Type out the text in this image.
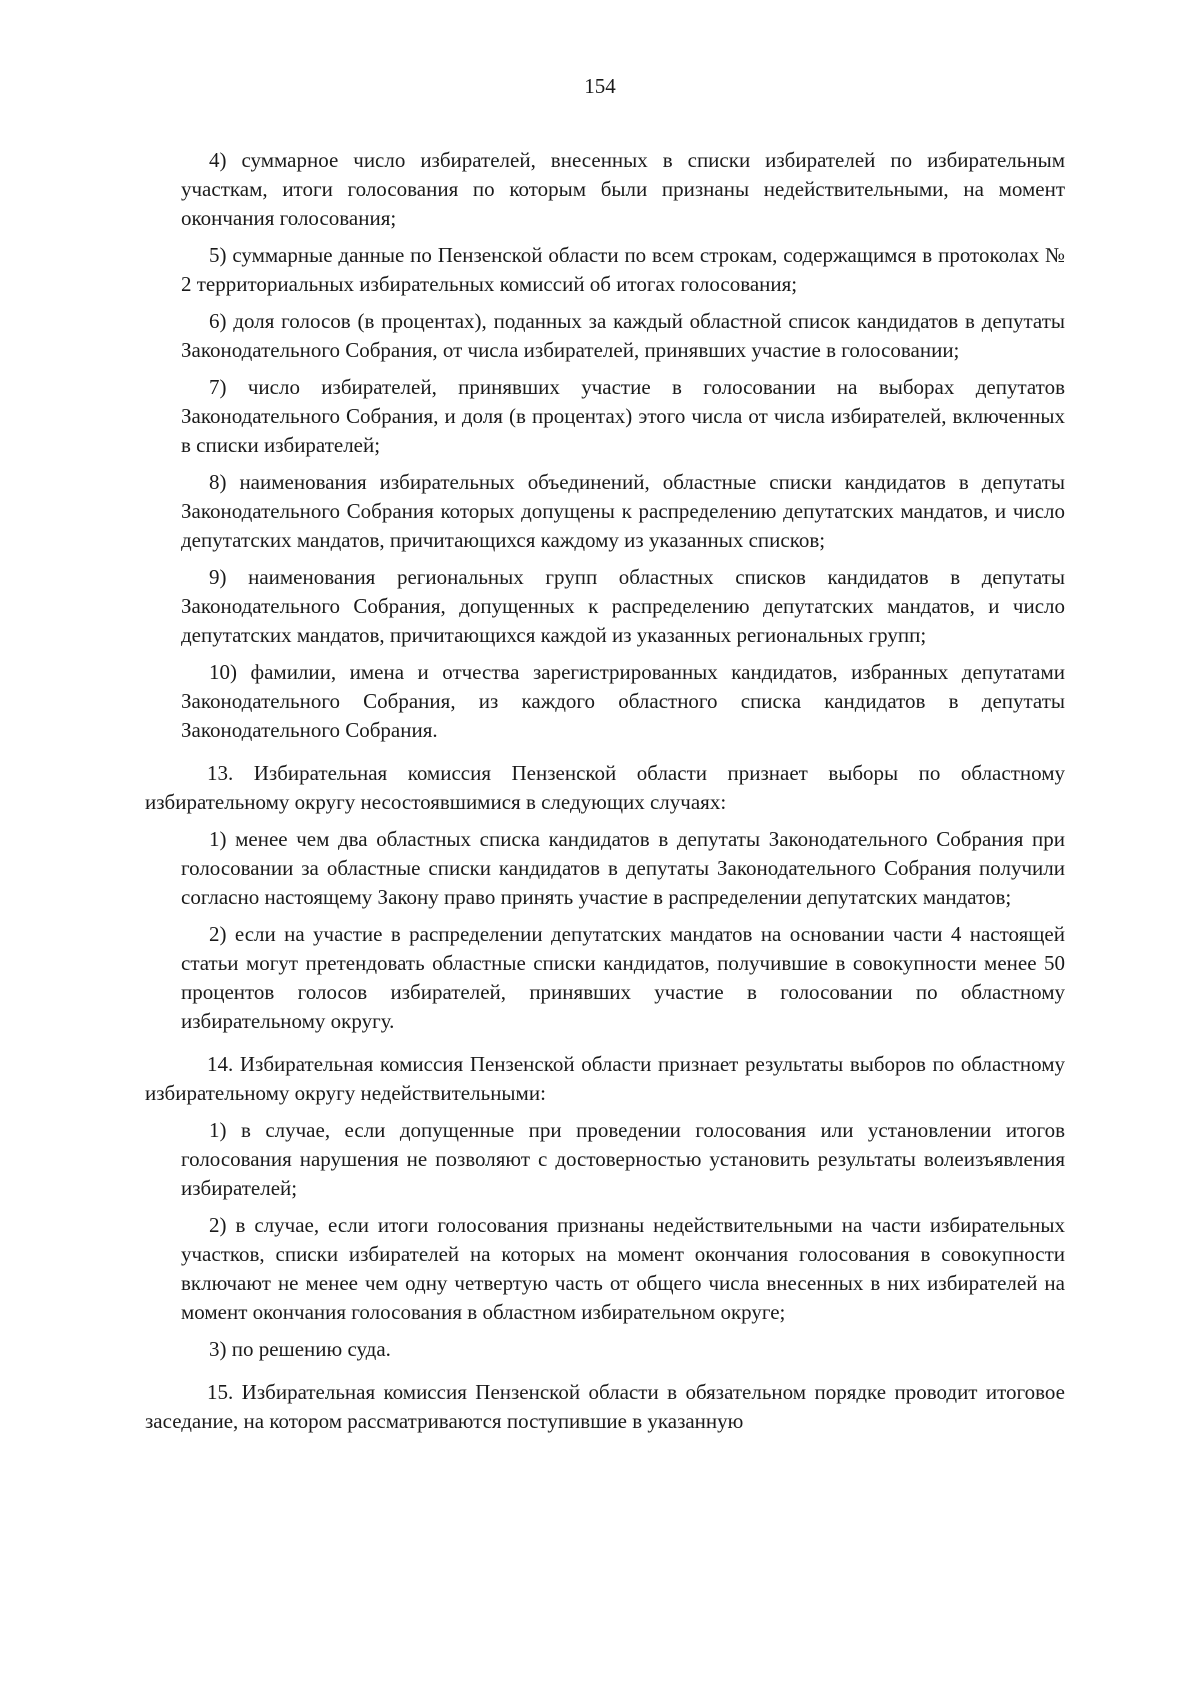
154

4) суммарное число избирателей, внесенных в списки избирателей по избирательным участкам, итоги голосования по которым были признаны недействительными, на момент окончания голосования;

5) суммарные данные по Пензенской области по всем строкам, содержащимся в протоколах № 2 территориальных избирательных комиссий об итогах голосования;

6) доля голосов (в процентах), поданных за каждый областной список кандидатов в депутаты Законодательного Собрания, от числа избирателей, принявших участие в голосовании;

7) число избирателей, принявших участие в голосовании на выборах депутатов Законодательного Собрания, и доля (в процентах) этого числа от числа избирателей, включенных в списки избирателей;

8) наименования избирательных объединений, областные списки кандидатов в депутаты Законодательного Собрания которых допущены к распределению депутатских мандатов, и число депутатских мандатов, причитающихся каждому из указанных списков;

9) наименования региональных групп областных списков кандидатов в депутаты Законодательного Собрания, допущенных к распределению депутатских мандатов, и число депутатских мандатов, причитающихся каждой из указанных региональных групп;

10) фамилии, имена и отчества зарегистрированных кандидатов, избранных депутатами Законодательного Собрания, из каждого областного списка кандидатов в депутаты Законодательного Собрания.

13. Избирательная комиссия Пензенской области признает выборы по областному избирательному округу несостоявшимися в следующих случаях:

1) менее чем два областных списка кандидатов в депутаты Законодательного Собрания при голосовании за областные списки кандидатов в депутаты Законодательного Собрания получили согласно настоящему Закону право принять участие в распределении депутатских мандатов;

2) если на участие в распределении депутатских мандатов на основании части 4 настоящей статьи могут претендовать областные списки кандидатов, получившие в совокупности менее 50 процентов голосов избирателей, принявших участие в голосовании по областному избирательному округу.

14. Избирательная комиссия Пензенской области признает результаты выборов по областному избирательному округу недействительными:

1) в случае, если допущенные при проведении голосования или установлении итогов голосования нарушения не позволяют с достоверностью установить результаты волеизъявления избирателей;

2) в случае, если итоги голосования признаны недействительными на части избирательных участков, списки избирателей на которых на момент окончания голосования в совокупности включают не менее чем одну четвертую часть от общего числа внесенных в них избирателей на момент окончания голосования в областном избирательном округе;

3) по решению суда.

15. Избирательная комиссия Пензенской области в обязательном порядке проводит итоговое заседание, на котором рассматриваются поступившие в указанную
